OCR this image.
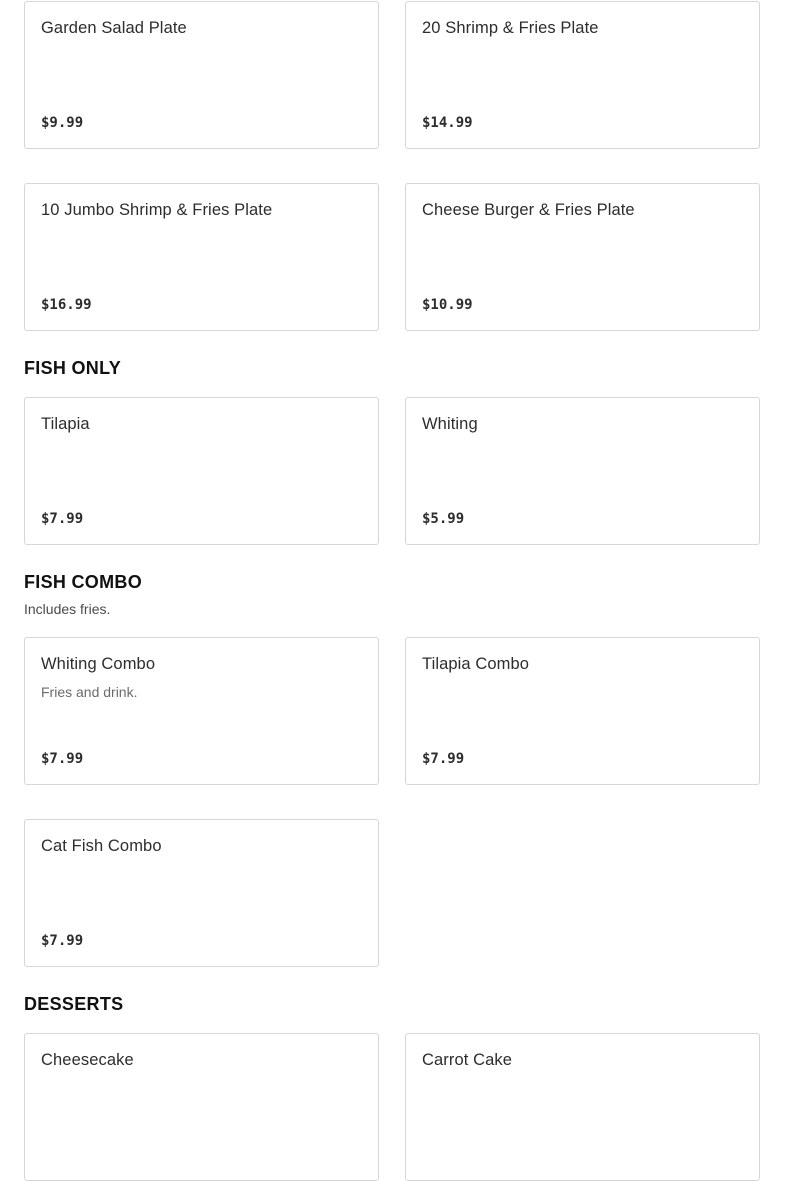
Garden Salad Plate
$9.99
20 Shrimp & Fries Plate
$14.99
10 Jumbo Shrimp & Fries Plate
$16.99
Cheese Burger & Fries Plate
$10.99
FISH ONLY
Tilapia
$7.99
Whiting
$5.99
FISH COMBO
Includes fries.
Whiting Combo
Fries and drink.
$7.99
Tilapia Combo
$7.99
Cat Fish Combo
$7.99
DESSERTS
Cheesecake	Carrot Cake
